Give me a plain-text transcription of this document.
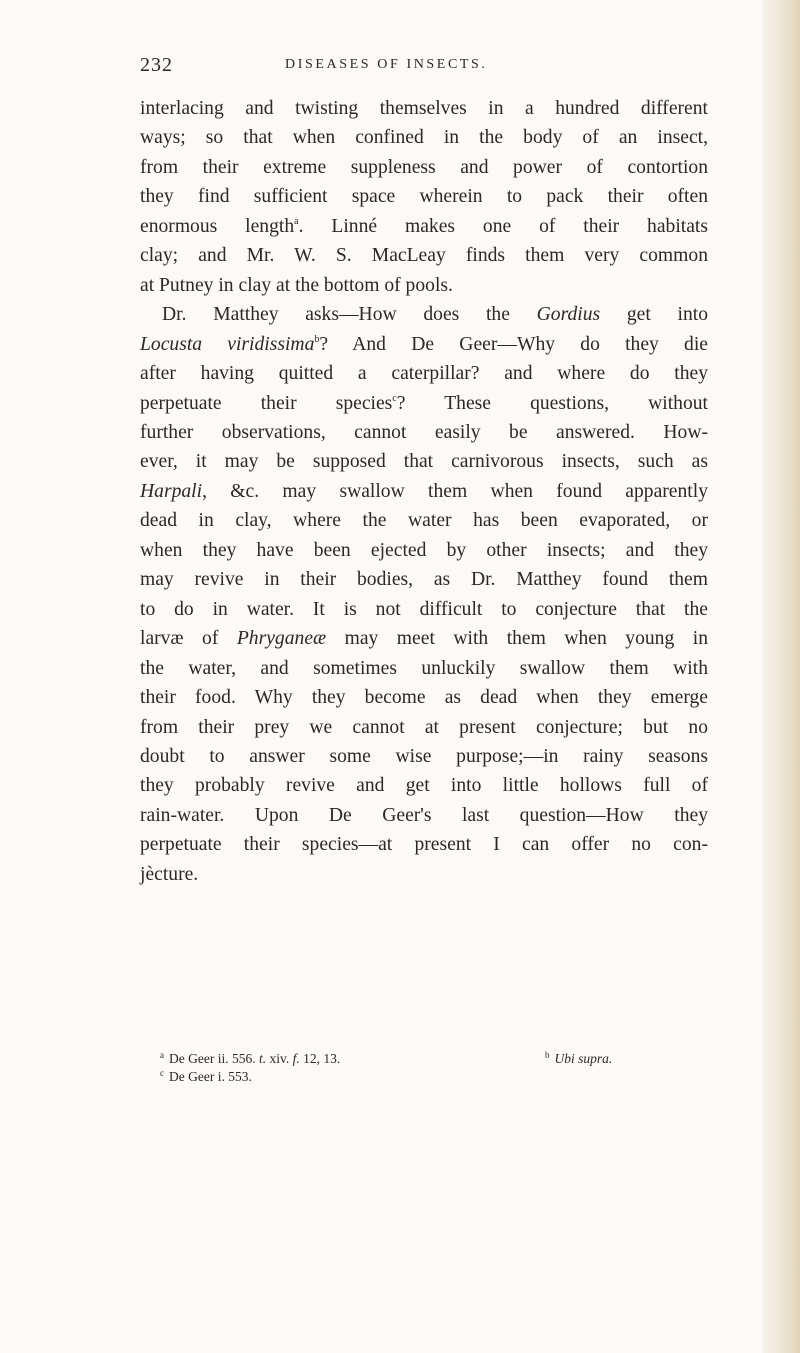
232	DISEASES OF INSECTS.
interlacing and twisting themselves in a hundred different
ways; so that when confined in the body of an insect,
from their extreme suppleness and power of contortion
they find sufficient space wherein to pack their often
enormous length$^a$. Linné makes one of their habitats
clay; and Mr. W. S. MacLeay finds them very common
at Putney in clay at the bottom of pools.
Dr. Matthey asks—How does the Gordius get into
Locusta viridissima$^b$? And De Geer—Why do they die
after having quitted a caterpillar? and where do they
perpetuate their species$^c$? These questions, without
further observations, cannot easily be answered. How-
ever, it may be supposed that carnivorous insects, such as
Harpali, &c. may swallow them when found apparently
dead in clay, where the water has been evaporated, or
when they have been ejected by other insects; and they
may revive in their bodies, as Dr. Matthey found them
to do in water. It is not difficult to conjecture that the
larvæ of Phryganeæ may meet with them when young in
the water, and sometimes unluckily swallow them with
their food. Why they become as dead when they emerge
from their prey we cannot at present conjecture; but no
doubt to answer some wise purpose;—in rainy seasons
they probably revive and get into little hollows full of
rain-water. Upon De Geer's last question—How they
perpetuate their species—at present I can offer no con-
jècture.
$^a$ De Geer ii. 556. t. xiv. f. 12, 13.	$^b$ Ubi supra.
$^c$ De Geer i. 553.
